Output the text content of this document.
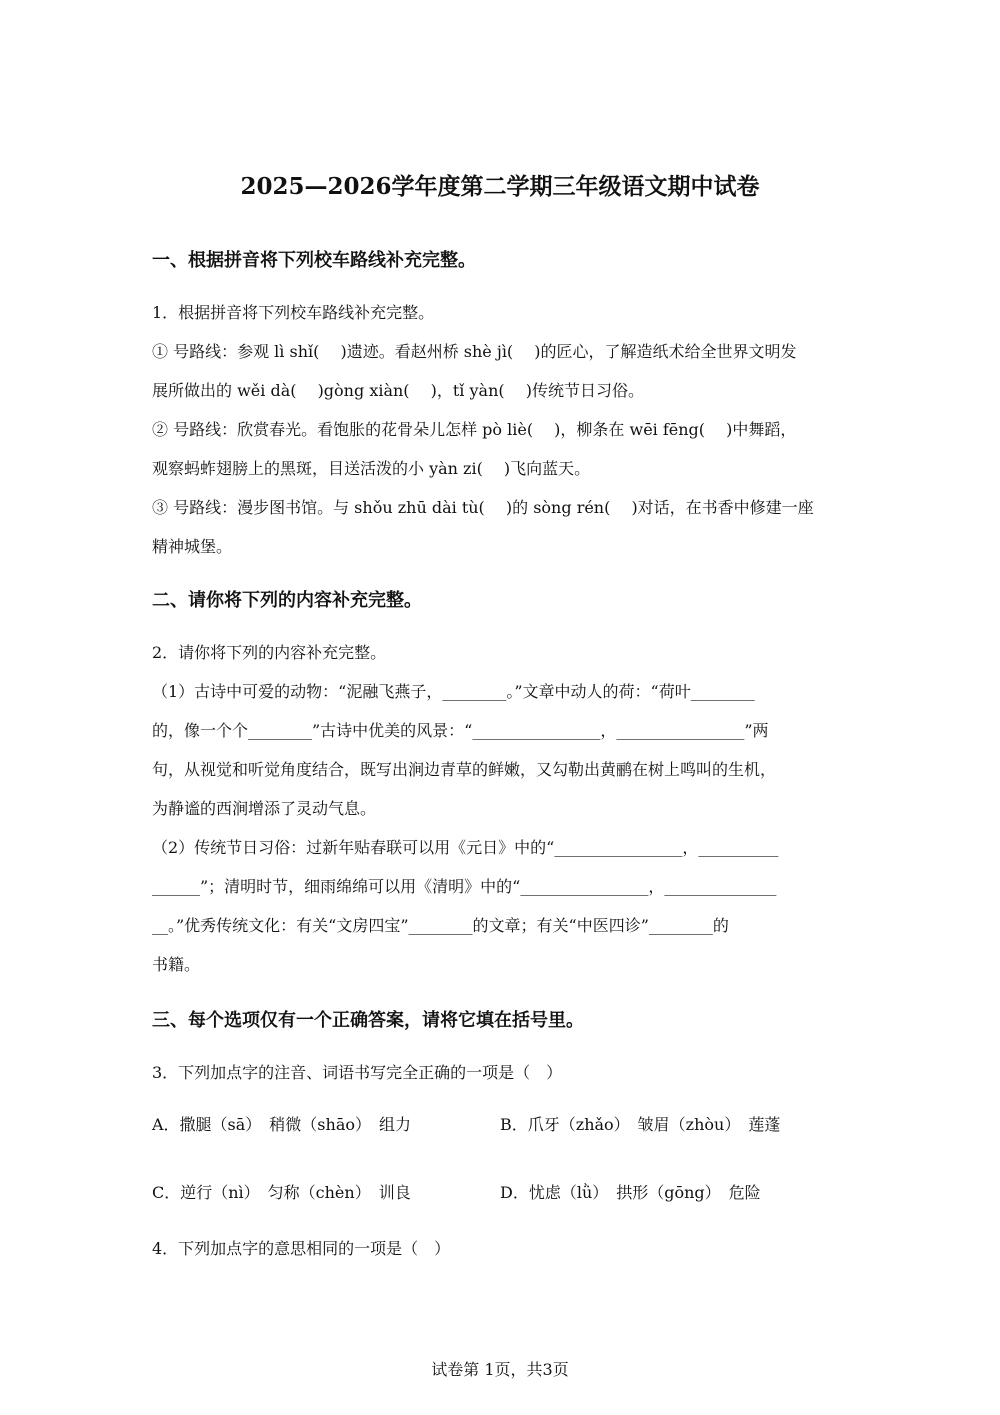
2025—2026学年度第二学期三年级语文期中试卷
一、根据拼音将下列校车路线补充完整。
1．根据拼音将下列校车路线补充完整。
① 号路线：参观 lì shǐ(　 )遗迹。看赵州桥 shè jì(　 )的匠心，了解造纸术给全世界文明发
展所做出的 wěi dà(　 )gòng xiàn(　 )，tǐ yàn(　 )传统节日习俗。
② 号路线：欣赏春光。看饱胀的花骨朵儿怎样 pò liè(　 )，柳条在 wēi fēng(　 )中舞蹈，
观察蚂蚱翅膀上的黑斑，目送活泼的小 yàn zi(　 )飞向蓝天。
③ 号路线：漫步图书馆。与 shǒu zhū dài tù(　 )的 sòng rén(　 )对话，在书香中修建一座
精神城堡。
二、请你将下列的内容补充完整。
2．请你将下列的内容补充完整。
（1）古诗中可爱的动物：“泥融飞燕子，________。”文章中动人的荷：“荷叶________
的，像一个个________”古诗中优美的风景：“________________，________________”两
句，从视觉和听觉角度结合，既写出涧边青草的鲜嫩，又勾勒出黄鹂在树上鸣叫的生机，
为静谧的西涧增添了灵动气息。
（2）传统节日习俗：过新年贴春联可以用《元日》中的“________________，__________
______”；清明时节，细雨绵绵可以用《清明》中的“________________，______________
__。”优秀传统文化：有关“文房四宝”________的文章；有关“中医四诊”________的
书籍。
三、每个选项仅有一个正确答案，请将它填在括号里。
3．下列加点字的注音、词语书写完全正确的一项是（　）
A．撒腿（sā）　稍微（shāo）　组力	B．爪牙（zhǎo）　皱眉（zhòu）　莲蓬
C．逆行（nì）　匀称（chèn）　训良	D．忧虑（lǜ）　拱形（gōng）　危险
4．下列加点字的意思相同的一项是（　）
试卷第 1页，共3页
